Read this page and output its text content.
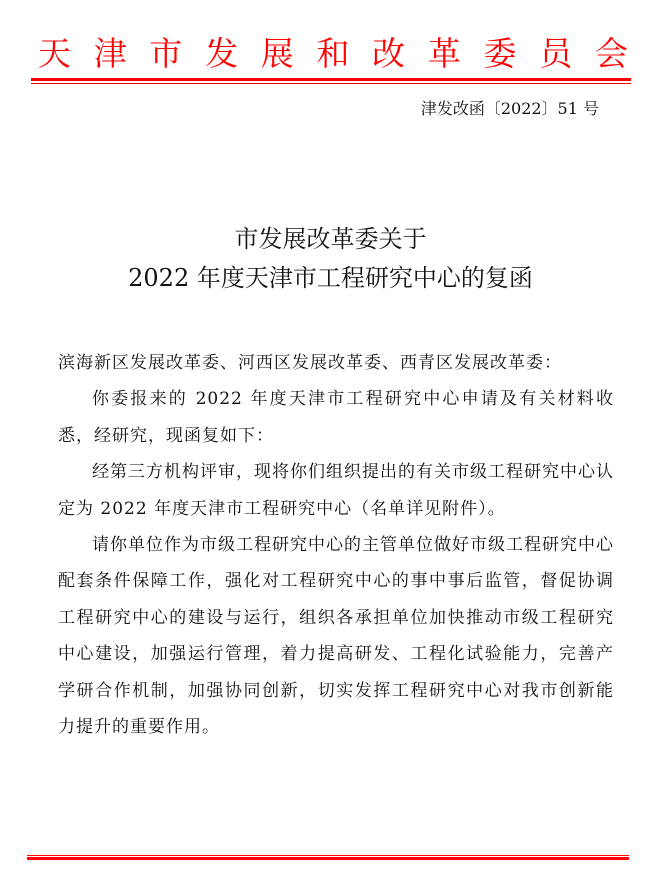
天 津 市 发 展 和 改 革 委 员 会
津发改函〔2022〕51 号
市发展改革委关于
2022 年度天津市工程研究中心的复函

滨海新区发展改革委、河西区发展改革委、西青区发展改革委：

你委报来的 2022 年度天津市工程研究中心申请及有关材料收悉，经研究，现函复如下：

经第三方机构评审，现将你们组织提出的有关市级工程研究中心认定为 2022 年度天津市工程研究中心（名单详见附件）。

请你单位作为市级工程研究中心的主管单位做好市级工程研究中心配套条件保障工作，强化对工程研究中心的事中事后监管，督促协调工程研究中心的建设与运行，组织各承担单位加快推动市级工程研究中心建设，加强运行管理，着力提高研发、工程化试验能力，完善产学研合作机制，加强协同创新，切实发挥工程研究中心对我市创新能力提升的重要作用。
